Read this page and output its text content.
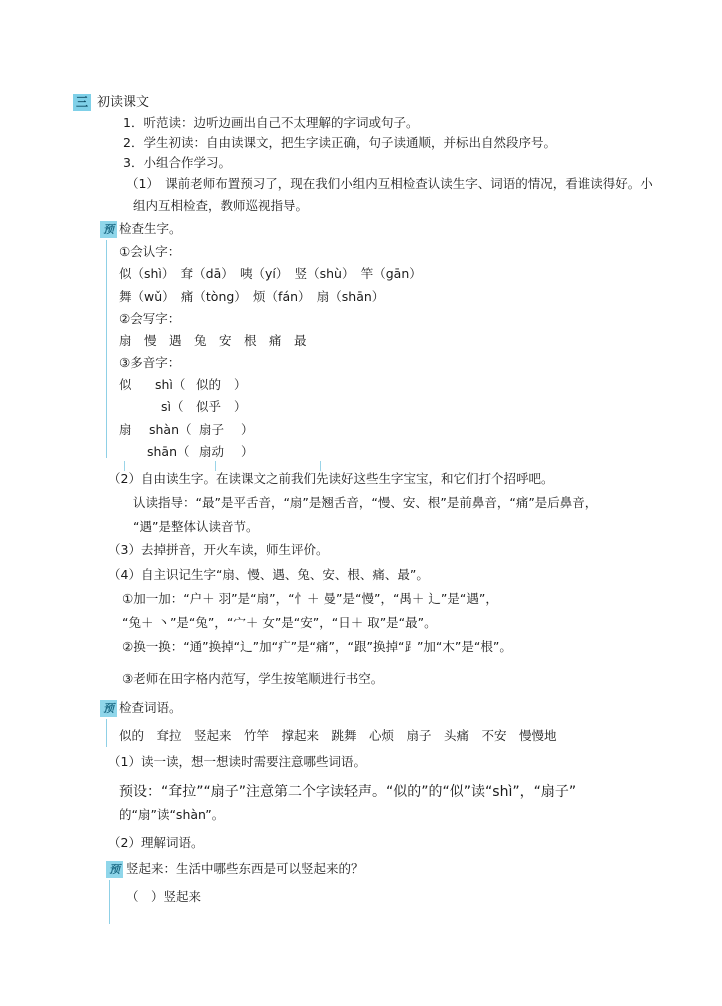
三 初读课文
1．听范读：边听边画出自己不太理解的字词或句子。
2．学生初读：自由读课文，把生字读正确，句子读通顺，并标出自然段序号。
3．小组合作学习。
（1）　课前老师布置预习了，现在我们小组内互相检查认读生字、词语的情况，看谁读得好。小
组内互相检查，教师巡视指导。
预 检查生字。
①会认字：
似（shì）　耷（dā）　咦（yí）　竖（shù）　竿（gān）
舞（wǔ）　痛（tòng）　烦（fán）　扇（shān）
②会写字：
扇　慢　遇　兔　安　根　痛　最
③多音字：
似 shì（ 似的 ）
sì（ 似乎 ）
扇 shàn（ 扇子 ）
shān（ 扇动 ）
（2）自由读生字。在读课文之前我们先读好这些生字宝宝，和它们打个招呼吧。
认读指导：“最”是平舌音，“扇”是翘舌音，“慢、安、根”是前鼻音，“痛”是后鼻音，
“遇”是整体认读音节。
（3）去掉拼音，开火车读，师生评价。
（4）自主识记生字“扇、慢、遇、兔、安、根、痛、最”。
①加一加：“户＋ 羽”是“扇”，“忄＋ 曼”是“慢”，“禺＋ 辶”是“遇”，
“兔＋ 丶”是“兔”，“宀＋ 女”是“安”，“日＋ 取”是“最”。
②换一换：“通”换掉“辶”加“疒”是“痛”，“跟”换掉“⻊”加“木”是“根”。
③老师在田字格内范写，学生按笔顺进行书空。
预 检查词语。
似的　耷拉　竖起来　竹竿　撑起来　跳舞　心烦　扇子　头痛　不安　慢慢地
（1）读一读，想一想读时需要注意哪些词语。
预设：“耷拉”“扇子”注意第二个字读轻声。“似的”的“似”读“shì”，“扇子”
的“扇”读“shàn”。
（2）理解词语。
预 竖起来：生活中哪些东西是可以竖起来的？
（　）竖起来
